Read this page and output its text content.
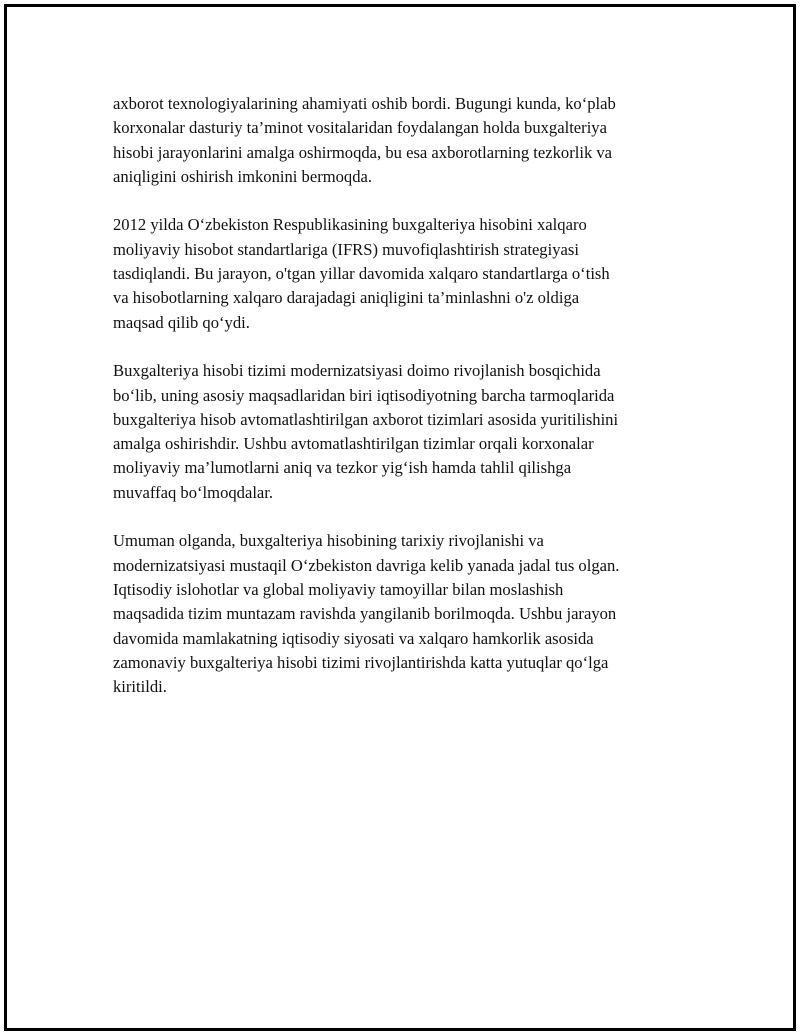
axborot texnologiyalarining ahamiyati oshib bordi. Bugungi kunda, ko‘plab
korxonalar dasturiy ta’minot vositalaridan foydalangan holda buxgalteriya
hisobi jarayonlarini amalga oshirmoqda, bu esa axborotlarning tezkorlik va
aniqligini oshirish imkonini bermoqda.

2012 yilda O‘zbekiston Respublikasining buxgalteriya hisobini xalqaro
moliyaviy hisobot standartlariga (IFRS) muvofiqlashtirish strategiyasi
tasdiqlandi. Bu jarayon, o'tgan yillar davomida xalqaro standartlarga o‘tish
va hisobotlarning xalqaro darajadagi aniqligini ta’minlashni o'z oldiga
maqsad qilib qo‘ydi.

Buxgalteriya hisobi tizimi modernizatsiyasi doimo rivojlanish bosqichida
bo‘lib, uning asosiy maqsadlaridan biri iqtisodiyotning barcha tarmoqlarida
buxgalteriya hisob avtomatlashtirilgan axborot tizimlari asosida yuritilishini
amalga oshirishdir. Ushbu avtomatlashtirilgan tizimlar orqali korxonalar
moliyaviy ma’lumotlarni aniq va tezkor yig‘ish hamda tahlil qilishga
muvaffaq bo‘lmoqdalar.

Umuman olganda, buxgalteriya hisobining tarixiy rivojlanishi va
modernizatsiyasi mustaqil O‘zbekiston davriga kelib yanada jadal tus olgan.
Iqtisodiy islohotlar va global moliyaviy tamoyillar bilan moslashish
maqsadida tizim muntazam ravishda yangilanib borilmoqda. Ushbu jarayon
davomida mamlakatning iqtisodiy siyosati va xalqaro hamkorlik asosida
zamonaviy buxgalteriya hisobi tizimi rivojlantirishda katta yutuqlar qo‘lga
kiritildi.
